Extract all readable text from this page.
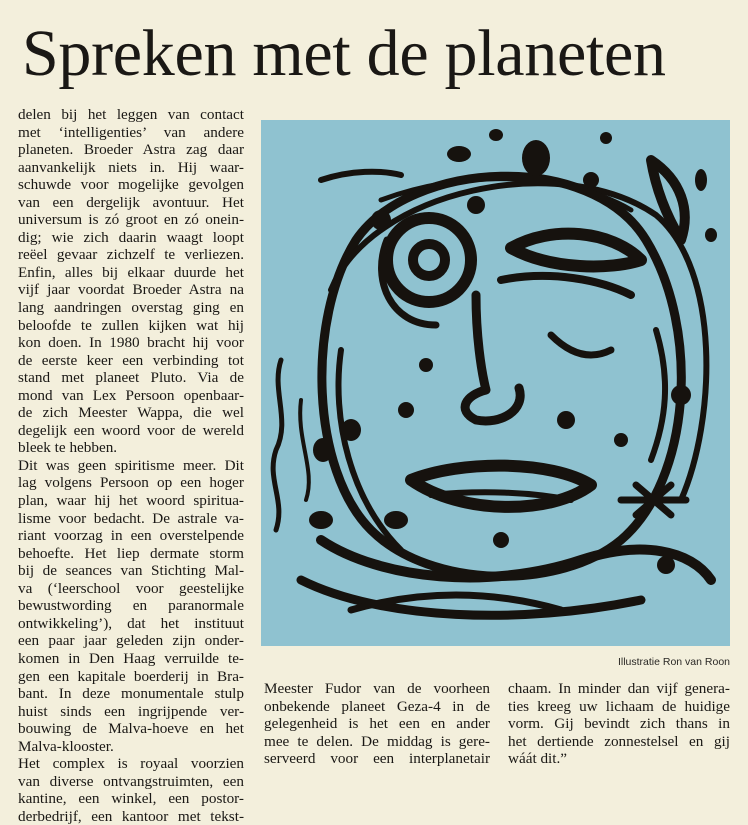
Spreken met de planeten

delen bij het leggen van contact
met ‘intelligenties’ van andere
planeten. Broeder Astra zag daar
aanvankelijk niets in. Hij waar-
schuwde voor mogelijke gevolgen
van een dergelijk avontuur. Het
universum is zó groot en zó onein-
dig; wie zich daarin waagt loopt
reëel gevaar zichzelf te verliezen.
Enfin, alles bij elkaar duurde het
vijf jaar voordat Broeder Astra na
lang aandringen overstag ging en
beloofde te zullen kijken wat hij
kon doen. In 1980 bracht hij voor
de eerste keer een verbinding tot
stand met planeet Pluto. Via de
mond van Lex Persoon openbaar-
de zich Meester Wappa, die wel
degelijk een woord voor de wereld
bleek te hebben.

Dit was geen spiritisme meer. Dit
lag volgens Persoon op een hoger
plan, waar hij het woord spiritua-
lisme voor bedacht. De astrale va-
riant voorzag in een overstelpende
behoefte. Het liep dermate storm
bij de seances van Stichting Mal-
va (‘leerschool voor geestelijke
bewustwording en paranormale
ontwikkeling’), dat het instituut
een paar jaar geleden zijn onder-
komen in Den Haag verruilde te-
gen een kapitale boerderij in Bra-
bant. In deze monumentale stulp
huist sinds een ingrijpende ver-
bouwing de Malva-hoeve en het
Malva-klooster.

Het complex is royaal voorzien
van diverse ontvangstruimten, een
kantine, een winkel, een postor-
derbedrijf, een kantoor met tekst-

Illustratie Ron van Roon

Meester Fudor van de voorheen
onbekende planeet Geza-4 in de
gelegenheid is het een en ander
mee te delen. De middag is gere-
serveerd voor een interplanetair

chaam. In minder dan vijf genera-
ties kreeg uw lichaam de huidige
vorm. Gij bevindt zich thans in
het dertiende zonnestelsel en gij
wáát dit.”
